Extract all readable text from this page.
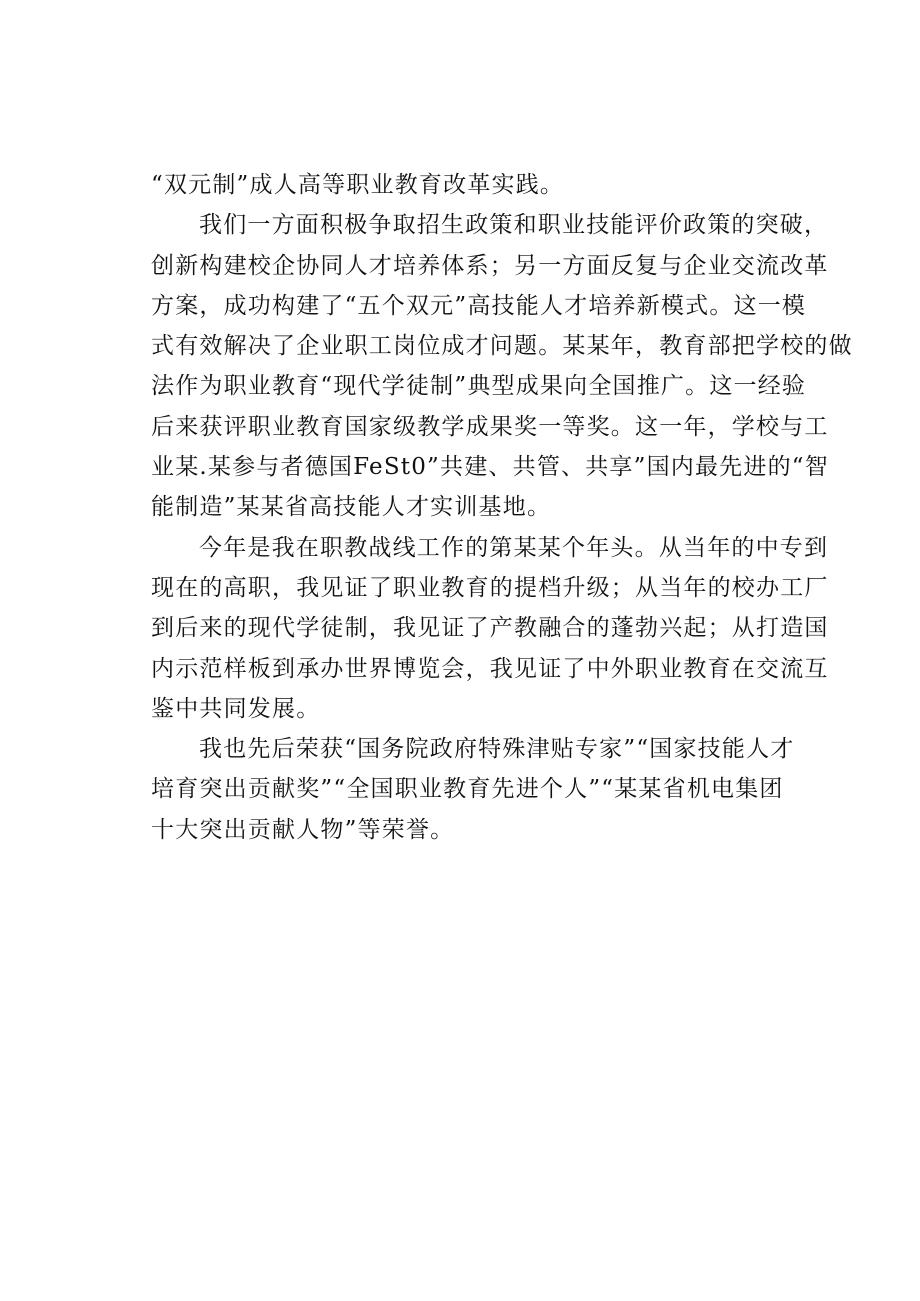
“双元制”成人高等职业教育改革实践。
我们一方面积极争取招生政策和职业技能评价政策的突破，
创新构建校企协同人才培养体系；另一方面反复与企业交流改革
方案，成功构建了“五个双元”高技能人才培养新模式。这一模
式有效解决了企业职工岗位成才问题。某某年，教育部把学校的做
法作为职业教育“现代学徒制”典型成果向全国推广。这一经验
后来获评职业教育国家级教学成果奖一等奖。这一年，学校与工
业某.某参与者德国FeSt0”共建、共管、共享”国内最先进的“智
能制造”某某省高技能人才实训基地。
今年是我在职教战线工作的第某某个年头。从当年的中专到
现在的高职，我见证了职业教育的提档升级；从当年的校办工厂
到后来的现代学徒制，我见证了产教融合的蓬勃兴起；从打造国
内示范样板到承办世界博览会，我见证了中外职业教育在交流互
鉴中共同发展。
我也先后荣获“国务院政府特殊津贴专家”“国家技能人才
培育突出贡献奖”“全国职业教育先进个人”“某某省机电集团
十大突出贡献人物”等荣誉。
